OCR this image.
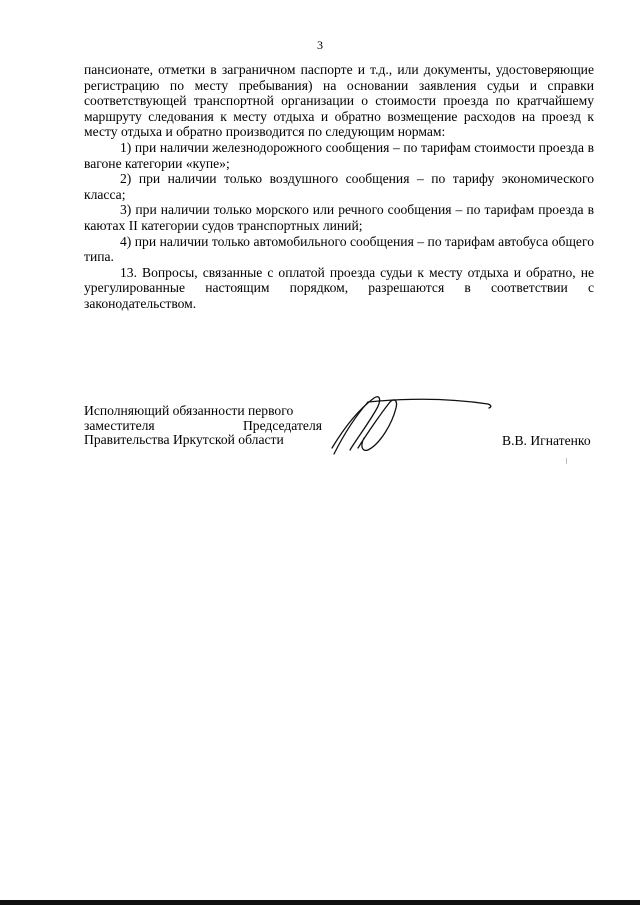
3

пансионате, отметки в заграничном паспорте и т.д., или документы, удостоверяющие регистрацию по месту пребывания) на основании заявления судьи и справки соответствующей транспортной организации о стоимости проезда по кратчайшему маршруту следования к месту отдыха и обратно возмещение расходов на проезд к месту отдыха и обратно производится по следующим нормам:

1) при наличии железнодорожного сообщения – по тарифам стоимости проезда в вагоне категории «купе»;

2) при наличии только воздушного сообщения – по тарифу экономического класса;

3) при наличии только морского или речного сообщения – по тарифам проезда в каютах II категории судов транспортных линий;

4) при наличии только автомобильного сообщения – по тарифам автобуса общего типа.

13. Вопросы, связанные с оплатой проезда судьи к месту отдыха и обратно, не урегулированные настоящим порядком, разрешаются в соответствии с законодательством.

Исполняющий обязанности первого
заместителя	Председателя
Правительства Иркутской области	В.В. Игнатенко
